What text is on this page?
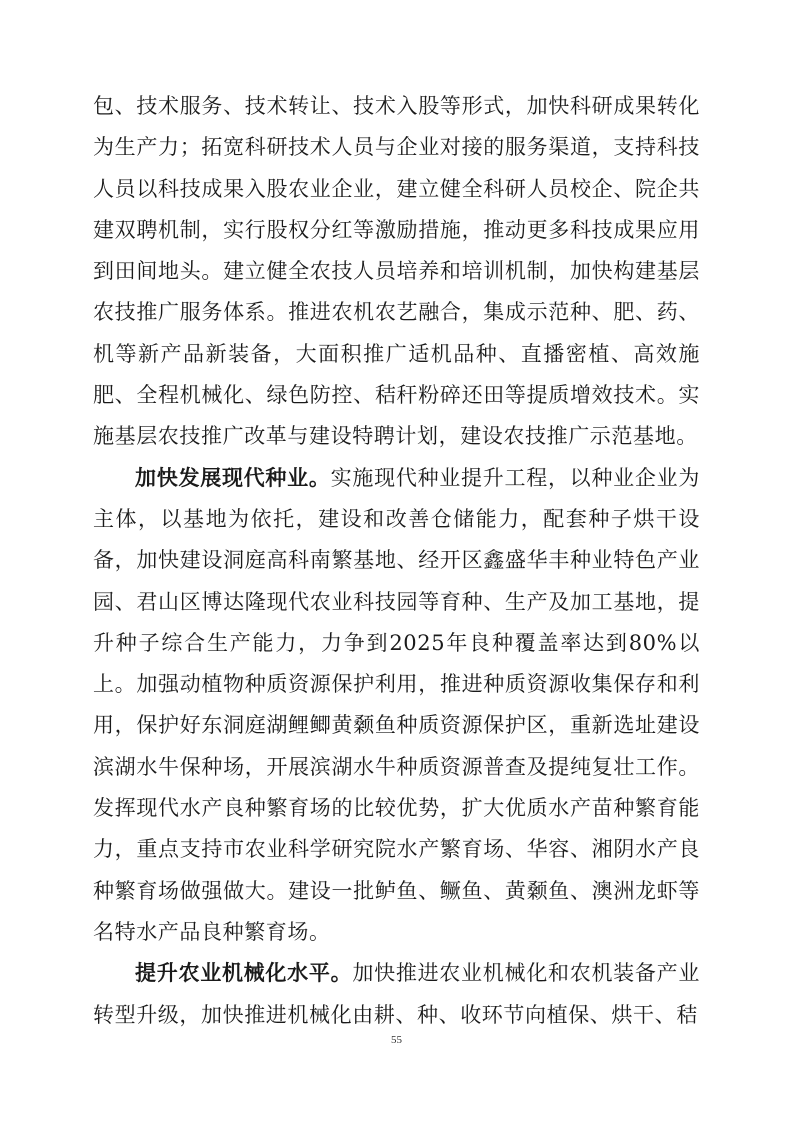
包、技术服务、技术转让、技术入股等形式，加快科研成果转化为生产力；拓宽科研技术人员与企业对接的服务渠道，支持科技人员以科技成果入股农业企业，建立健全科研人员校企、院企共建双聘机制，实行股权分红等激励措施，推动更多科技成果应用到田间地头。建立健全农技人员培养和培训机制，加快构建基层农技推广服务体系。推进农机农艺融合，集成示范种、肥、药、机等新产品新装备，大面积推广适机品种、直播密植、高效施肥、全程机械化、绿色防控、秸秆粉碎还田等提质增效技术。实施基层农技推广改革与建设特聘计划，建设农技推广示范基地。

加快发展现代种业。实施现代种业提升工程，以种业企业为主体，以基地为依托，建设和改善仓储能力，配套种子烘干设备，加快建设洞庭高科南繁基地、经开区鑫盛华丰种业特色产业园、君山区博达隆现代农业科技园等育种、生产及加工基地，提升种子综合生产能力，力争到2025年良种覆盖率达到80%以上。加强动植物种质资源保护利用，推进种质资源收集保存和利用，保护好东洞庭湖鲤鲫黄颡鱼种质资源保护区，重新选址建设滨湖水牛保种场，开展滨湖水牛种质资源普查及提纯复壮工作。发挥现代水产良种繁育场的比较优势，扩大优质水产苗种繁育能力，重点支持市农业科学研究院水产繁育场、华容、湘阴水产良种繁育场做强做大。建设一批鲈鱼、鳜鱼、黄颡鱼、澳洲龙虾等名特水产品良种繁育场。

提升农业机械化水平。加快推进农业机械化和农机装备产业转型升级，加快推进机械化由耕、种、收环节向植保、烘干、秸

55
